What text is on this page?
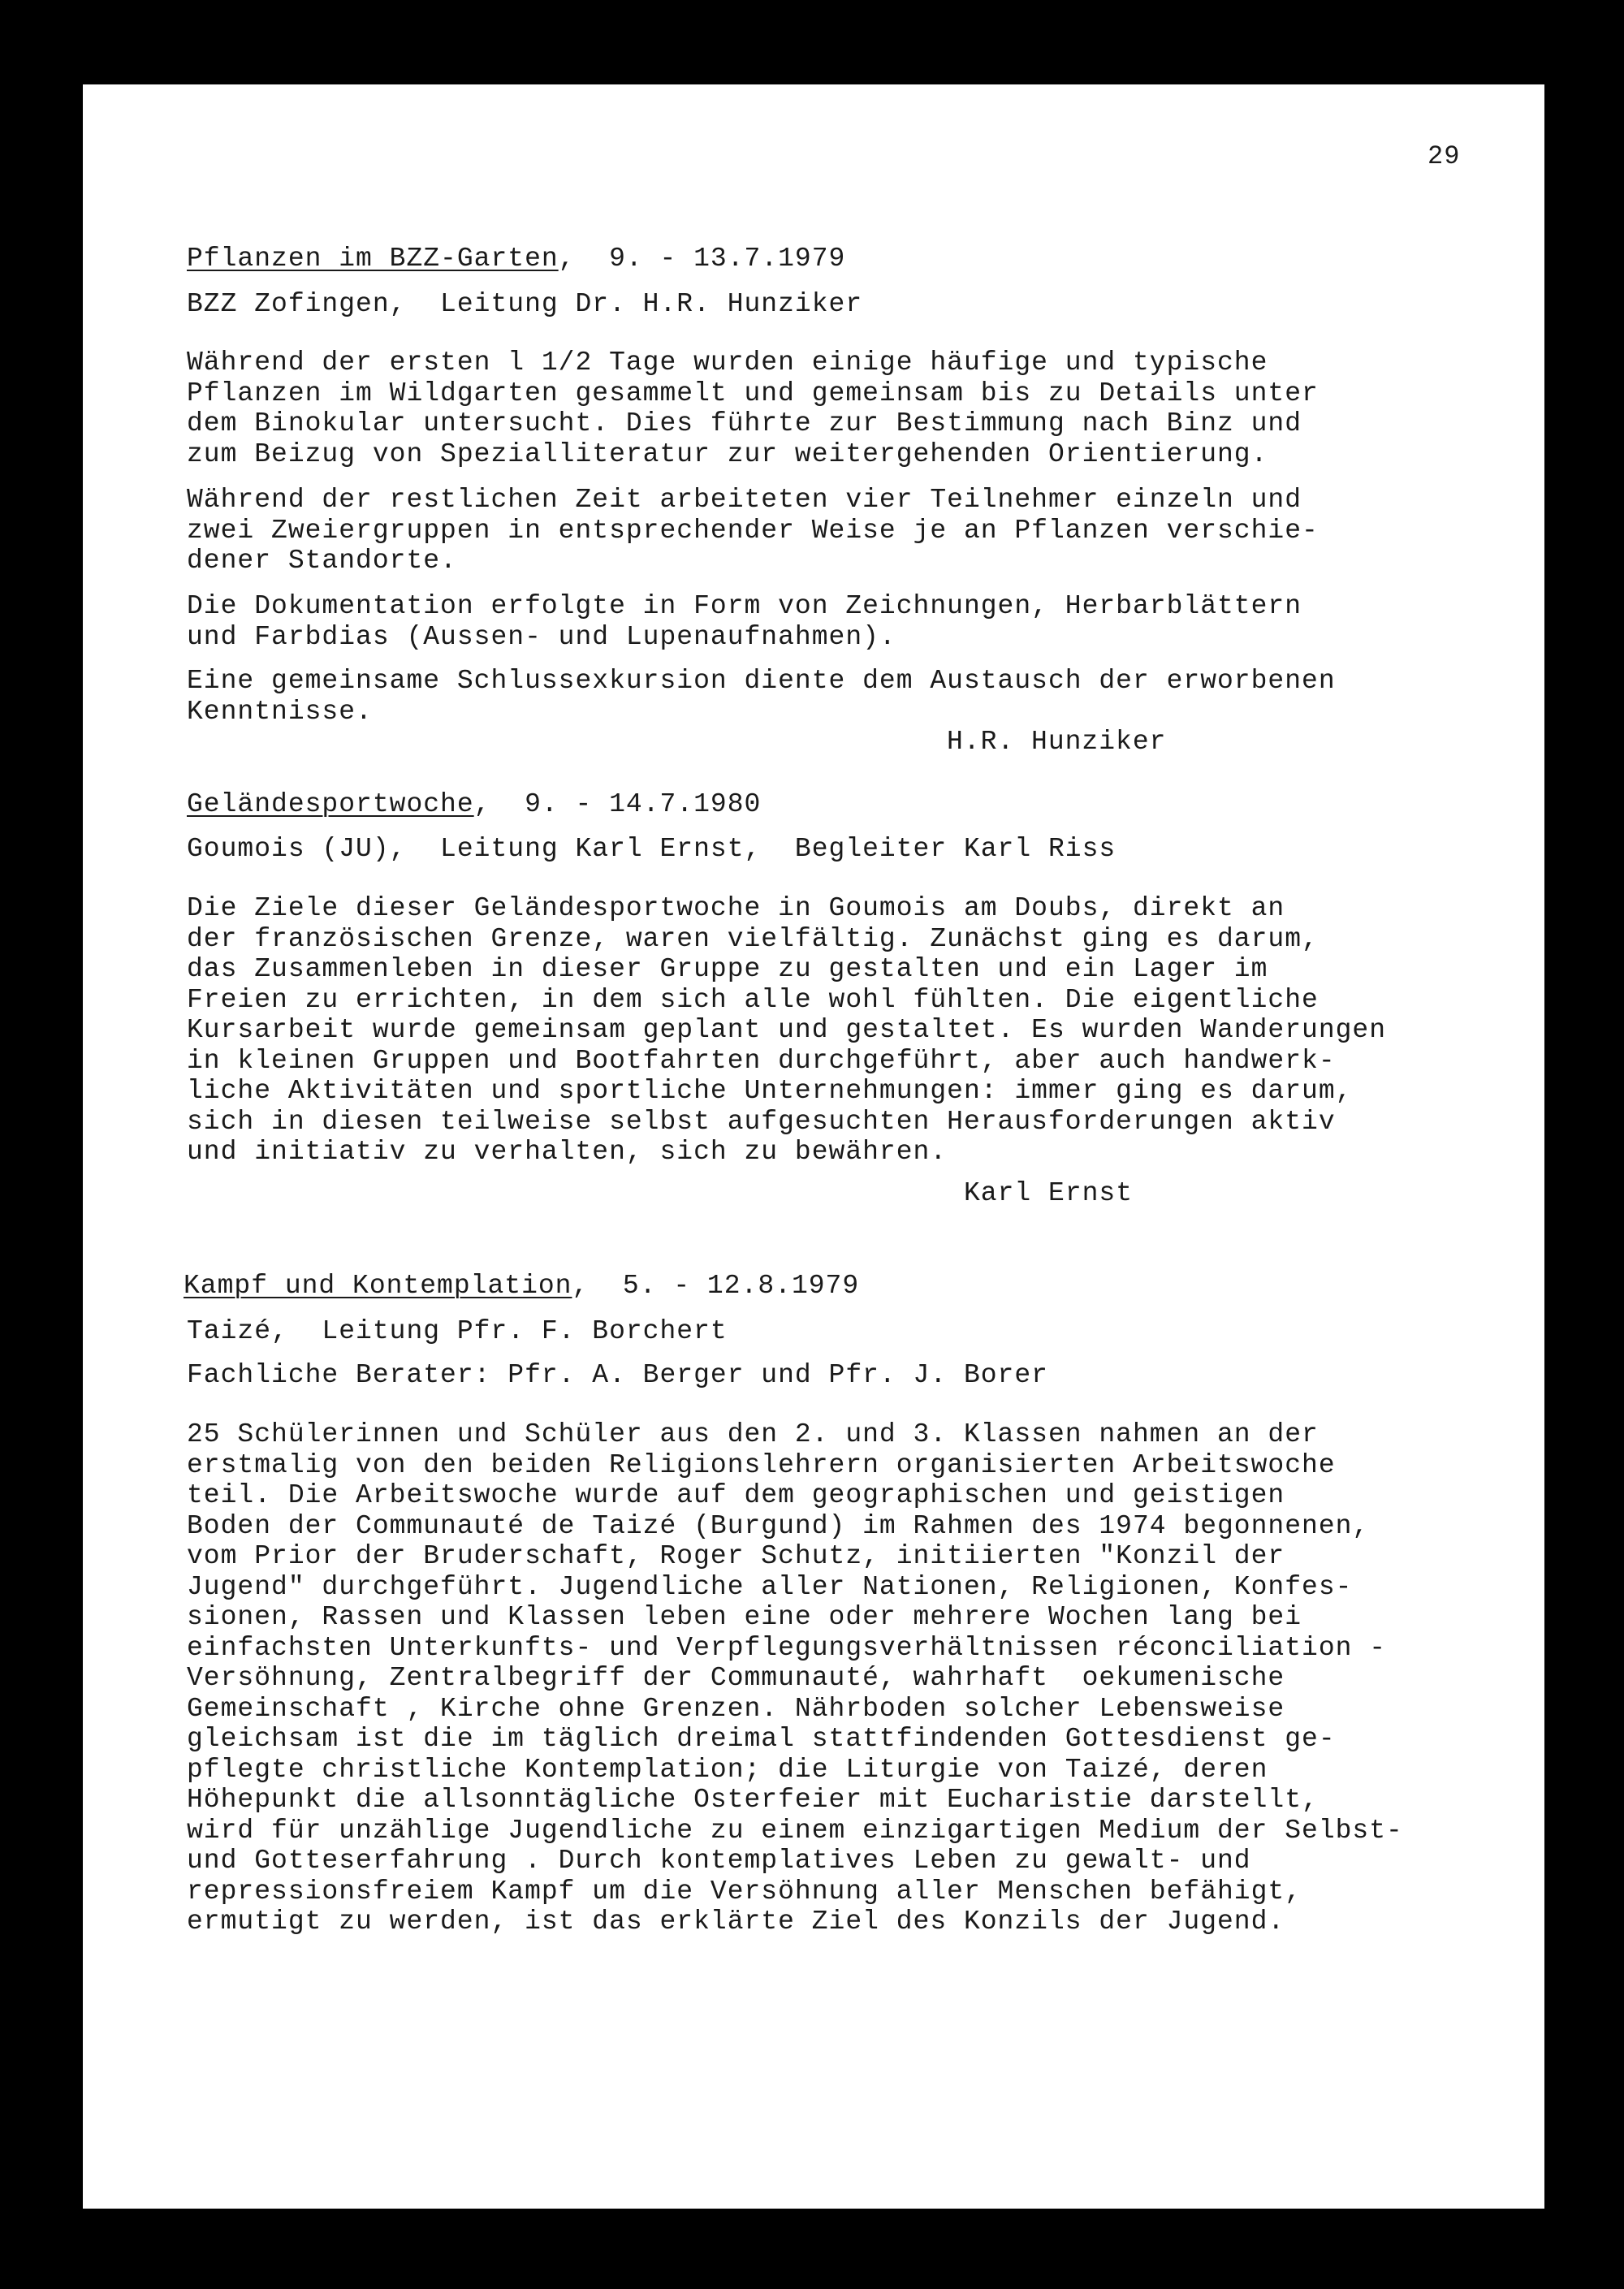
29
Pflanzen im BZZ-Garten,  9. - 13.7.1979
BZZ Zofingen,  Leitung Dr. H.R. Hunziker
Während der ersten l 1/2 Tage wurden einige häufige und typische
Pflanzen im Wildgarten gesammelt und gemeinsam bis zu Details unter
dem Binokular untersucht. Dies führte zur Bestimmung nach Binz und
zum Beizug von Spezialliteratur zur weitergehenden Orientierung.
Während der restlichen Zeit arbeiteten vier Teilnehmer einzeln und
zwei Zweiergruppen in entsprechender Weise je an Pflanzen verschie-
dener Standorte.
Die Dokumentation erfolgte in Form von Zeichnungen, Herbarblättern
und Farbdias (Aussen- und Lupenaufnahmen).
Eine gemeinsame Schlussexkursion diente dem Austausch der erworbenen
Kenntnisse.
H.R. Hunziker
Geländesportwoche,  9. - 14.7.1980
Goumois (JU),  Leitung Karl Ernst,  Begleiter Karl Riss
Die Ziele dieser Geländesportwoche in Goumois am Doubs, direkt an
der französischen Grenze, waren vielfältig. Zunächst ging es darum,
das Zusammenleben in dieser Gruppe zu gestalten und ein Lager im
Freien zu errichten, in dem sich alle wohl fühlten. Die eigentliche
Kursarbeit wurde gemeinsam geplant und gestaltet. Es wurden Wanderungen
in kleinen Gruppen und Bootfahrten durchgeführt, aber auch handwerk-
liche Aktivitäten und sportliche Unternehmungen: immer ging es darum,
sich in diesen teilweise selbst aufgesuchten Herausforderungen aktiv
und initiativ zu verhalten, sich zu bewähren.
Karl Ernst
Kampf und Kontemplation,  5. - 12.8.1979
Taizé,  Leitung Pfr. F. Borchert
Fachliche Berater: Pfr. A. Berger und Pfr. J. Borer
25 Schülerinnen und Schüler aus den 2. und 3. Klassen nahmen an der
erstmalig von den beiden Religionslehrern organisierten Arbeitswoche
teil. Die Arbeitswoche wurde auf dem geographischen und geistigen
Boden der Communauté de Taizé (Burgund) im Rahmen des 1974 begonnenen,
vom Prior der Bruderschaft, Roger Schutz, initiierten "Konzil der
Jugend" durchgeführt. Jugendliche aller Nationen, Religionen, Konfes-
sionen, Rassen und Klassen leben eine oder mehrere Wochen lang bei
einfachsten Unterkunfts- und Verpflegungsverhältnissen réconciliation -
Versöhnung, Zentralbegriff der Communauté, wahrhaft  oekumenische
Gemeinschaft , Kirche ohne Grenzen. Nährboden solcher Lebensweise
gleichsam ist die im täglich dreimal stattfindenden Gottesdienst ge-
pflegte christliche Kontemplation; die Liturgie von Taizé, deren
Höhepunkt die allsonntägliche Osterfeier mit Eucharistie darstellt,
wird für unzählige Jugendliche zu einem einzigartigen Medium der Selbst-
und Gotteserfahrung . Durch kontemplatives Leben zu gewalt- und
repressionsfreiem Kampf um die Versöhnung aller Menschen befähigt,
ermutigt zu werden, ist das erklärte Ziel des Konzils der Jugend.
